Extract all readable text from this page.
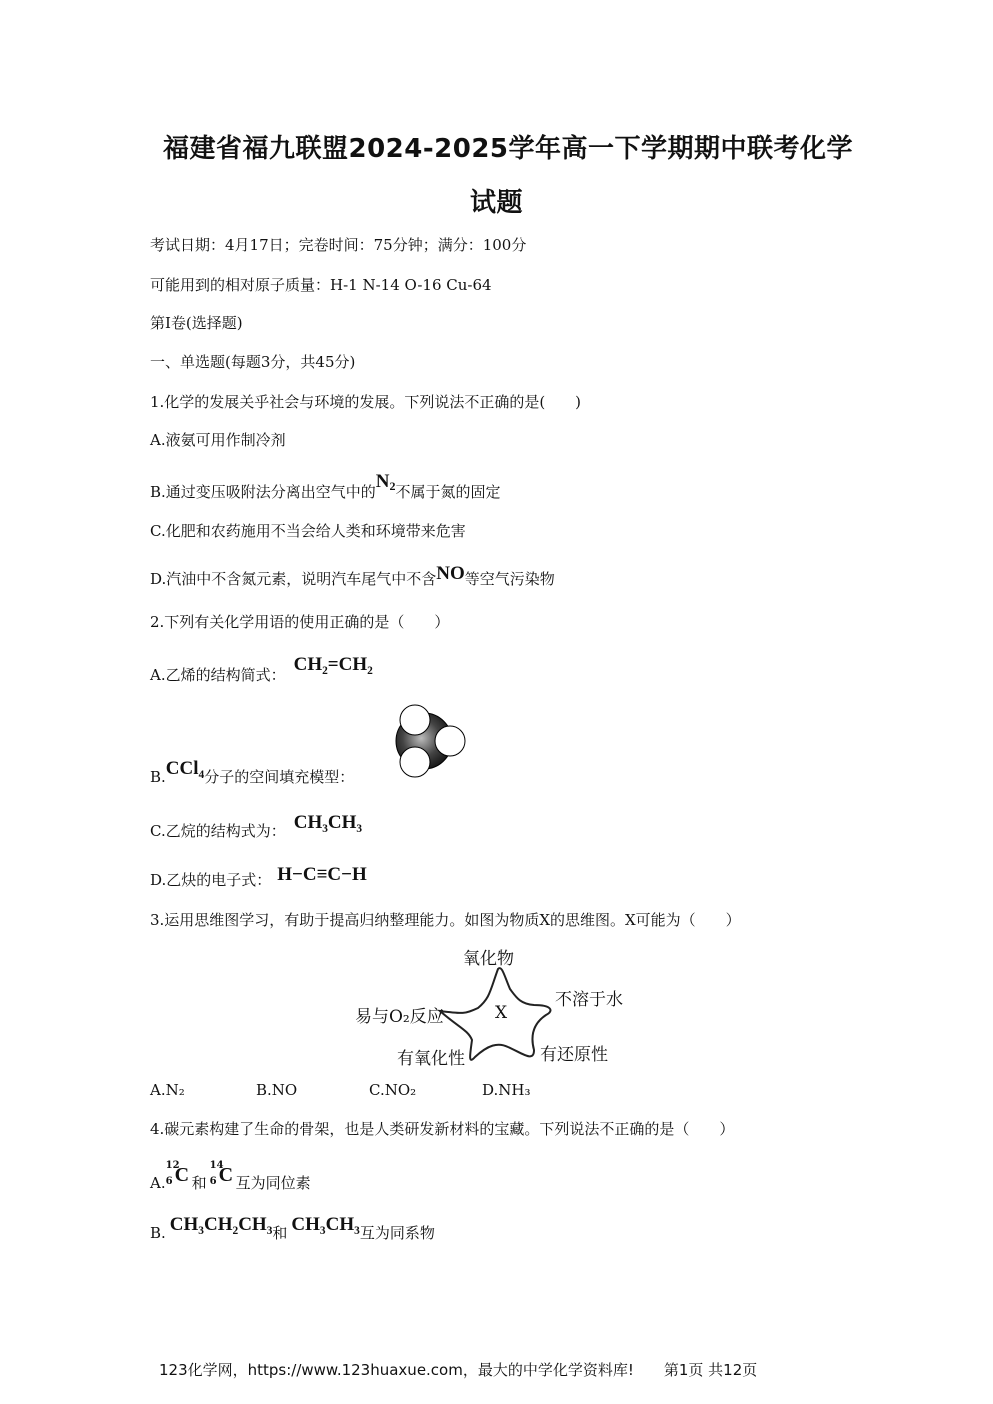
福建省福九联盟2024-2025学年高一下学期期中联考化学
试题
考试日期：4月17日；完卷时间：75分钟；满分：100分
可能用到的相对原子质量：H-1 N-14 O-16 Cu-64
第I卷(选择题)
一、单选题(每题3分，共45分)
1.化学的发展关乎社会与环境的发展。下列说法不正确的是(　　)
A.液氨可用作制冷剂
B.通过变压吸附法分离出空气中的$N_2$不属于氮的固定
C.化肥和农药施用不当会给人类和环境带来危害
D.汽油中不含氮元素，说明汽车尾气中不含NO等空气污染物
2.下列有关化学用语的使用正确的是（　　）
A.乙烯的结构简式： CH₂=CH₂
B.CCl₄分子的空间填充模型：
C.乙烷的结构式为： CH₃CH₃
D.乙炔的电子式： H−C≡C−H
3.运用思维图学习，有助于提高归纳整理能力。如图为物质X的思维图。X可能为（　　）
X
氧化物
不溶于水
易与O₂反应
有氧化性	有还原性
A.N₂	B.NO	C.NO₂	D.NH₃
4.碳元素构建了生命的骨架，也是人类研发新材料的宝藏。下列说法不正确的是（　　）
A.
12
6 C 和
14
6 C 互为同位素
B. CH₃CH₂CH₃和 CH₃CH₃互为同系物
123化学网，https://www.123huaxue.com，最大的中学化学资料库!　　第1页 共12页
